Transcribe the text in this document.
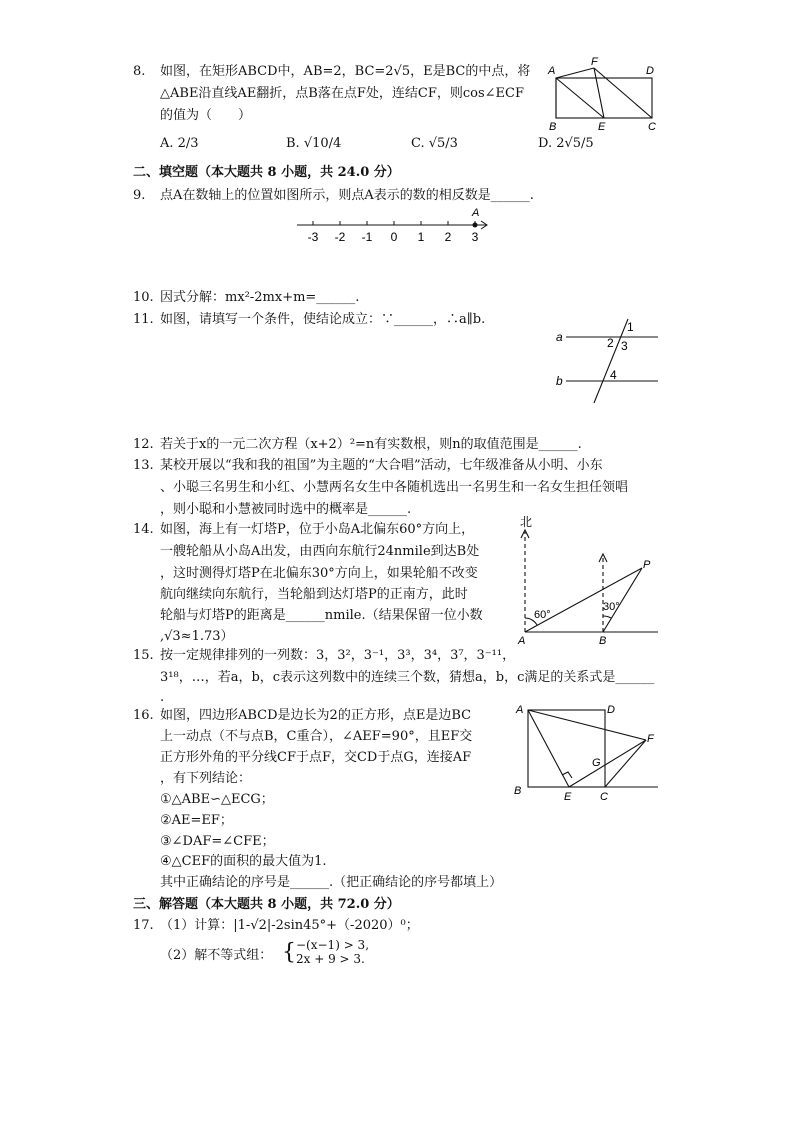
8. 如图，在矩形ABCD中，AB=2，BC=2√5，E是BC的中点，将
△ABE沿直线AE翻折，点B落在点F处，连结CF，则cos∠ECF
的值为（　　）
A. 2/3	B. √10/4	C. √5/3	D. 2√5/5
A
F
D
B	E	C
二、填空题（本大题共 8 小题，共 24.0 分）
9. 点A在数轴上的位置如图所示，则点A表示的数的相反数是______.
A
-3 -2 -1 0 1 2 3
10. 因式分解：mx²-2mx+m=______.
11. 如图，请填写一个条件，使结论成立：∵______，∴a∥b.
a
b
1
2 3
4
12. 若关于x的一元二次方程（x+2）²=n有实数根，则n的取值范围是______.
13. 某校开展以“我和我的祖国”为主题的“大合唱”活动，七年级准备从小明、小东
、小聪三名男生和小红、小慧两名女生中各随机选出一名男生和一名女生担任领唱
，则小聪和小慧被同时选中的概率是______.
14. 如图，海上有一灯塔P，位于小岛A北偏东60°方向上，
一艘轮船从小岛A出发，由西向东航行24nmile到达B处
，这时测得灯塔P在北偏东30°方向上，如果轮船不改变
航向继续向东航行，当轮船到达灯塔P的正南方，此时
轮船与灯塔P的距离是______nmile.（结果保留一位小数
,√3≈1.73）
北
P
60°
30°
A	B
15. 按一定规律排列的一列数：3，3²，3⁻¹，3³，3⁴，3⁷，3⁻¹¹，
3¹⁸，…，若a，b，c表示这列数中的连续三个数，猜想a，b，c满足的关系式是______
.
16. 如图，四边形ABCD是边长为2的正方形，点E是边BC
上一动点（不与点B，C重合），∠AEF=90°，且EF交
正方形外角的平分线CF于点F，交CD于点G，连接AF
，有下列结论：
①△ABE∽△ECG；
②AE=EF；
③∠DAF=∠CFE；
④△CEF的面积的最大值为1.
其中正确结论的序号是______.（把正确结论的序号都填上）
A	D
F
G
B	E	C
三、解答题（本大题共 8 小题，共 72.0 分）
17. （1）计算：|1-√2|-2sin45°+（-2020）⁰；
（2）解不等式组： { −(x−1) > 3,
2x + 9 > 3.
